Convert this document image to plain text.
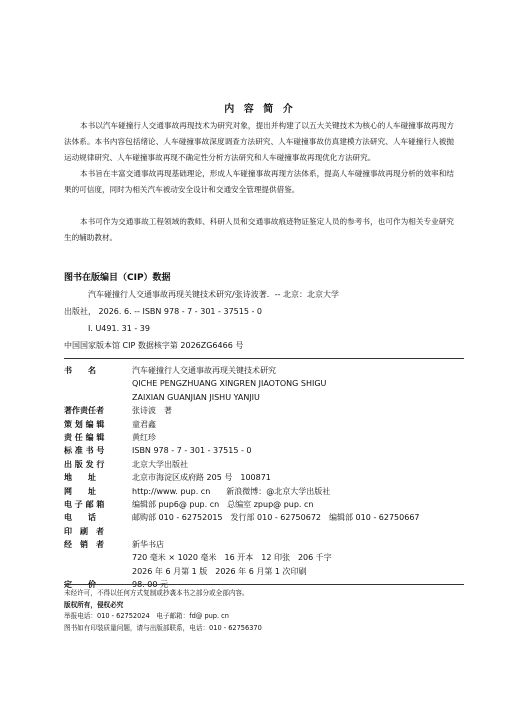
内 容 简 介

本书以汽车碰撞行人交通事故再现技术为研究对象，提出并构建了以五大关键技术为核心的人车碰撞事故再现方法体系。本书内容包括绪论、人车碰撞事故深度调查方法研究、人车碰撞事故仿真建模方法研究、人车碰撞行人被抛运动规律研究、人车碰撞事故再现不确定性分析方法研究和人车碰撞事故再现优化方法研究。

本书旨在丰富交通事故再现基础理论，形成人车碰撞事故再现方法体系，提高人车碰撞事故再现分析的效率和结果的可信度，同时为相关汽车被动安全设计和交通安全管理提供借鉴。

本书可作为交通事故工程领域的教师、科研人员和交通事故痕迹物证鉴定人员的参考书，也可作为相关专业研究生的辅助教材。

图书在版编目（CIP）数据
汽车碰撞行人交通事故再现关键技术研究/张诗波著．-- 北京：北京大学
出版社， 2026. 6. -- ISBN 978 - 7 - 301 - 37515 - 0
Ⅰ. U491. 31 - 39
中国国家版本馆 CIP 数据核字第 2026ZG6466 号
书　　名	汽车碰撞行人交通事故再现关键技术研究
QICHE PENGZHUANG XINGREN JIAOTONG SHIGU
ZAIXIAN GUANJIAN JISHU YANJIU
著作责任者	张诗波　著
策 划 编 辑	童君鑫
责 任 编 辑	黄红珍
标 准 书 号	ISBN 978 - 7 - 301 - 37515 - 0
出 版 发 行	北京大学出版社
地　　址	北京市海淀区成府路 205 号　100871
网　　址	http://www. pup. cn　　新浪微博：@北京大学出版社
电 子 邮 箱	编辑部 pup6@ pup. cn　总编室 zpup@ pup. cn
电　　话	邮购部 010 - 62752015　发行部 010 - 62750672　编辑部 010 - 62750667
印　刷　者
经　销　者	新华书店
720 毫米 × 1020 毫米　16 开本　12 印张　206 千字
2026 年 6 月第 1 版　2026 年 6 月第 1 次印刷
定　　价	98. 00 元
未经许可，不得以任何方式复制或抄袭本书之部分或全部内容。
版权所有，侵权必究
举报电话：010 - 62752024　电子邮箱：fd@ pup. cn
图书如有印装质量问题，请与出版部联系，电话：010 - 62756370
